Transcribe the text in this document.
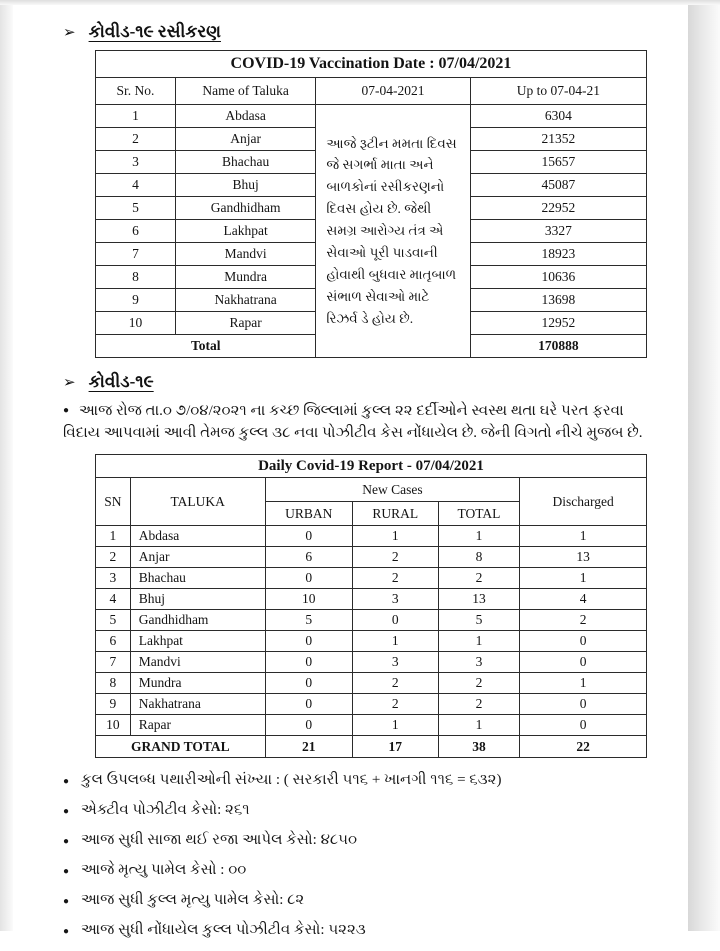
➢ કોવીડ-૧૯ રસીકરણ
COVID-19 Vaccination Date : 07/04/2021			
Sr. No.	Name of Taluka	07-04-2021	Up to 07-04-21
1	Abdasa	આજે રૂટીન મમતા દિવસ જે સગર્ભા માતા અને બાળકોનાં રસીકરણનો દિવસ હોય છે. જેથી સમગ્ર આરોગ્ય તંત્ર એ સેવાઓ પૂરી પાડવાની હોવાથી બુધવાર માતૃબાળ સંભાળ સેવાઓ માટે રિઝર્વ ડે હોય છે.	6304
2	Anjar		21352
3	Bhachau		15657
4	Bhuj		45087
5	Gandhidham		22952
6	Lakhpat		3327
7	Mandvi		18923
8	Mundra		10636
9	Nakhatrana		13698
10	Rapar		12952
Total			170888
➢ કોવીડ-૧૯

● આજ રોજ તા.૦ ૭/૦૪/૨૦૨૧ ના કચ્છ જિલ્લામાં કુલ્લ ૨૨ દર્દીઓને સ્વસ્થ થતા ઘરે પરત ફરવા વિદાય આપવામાં આવી તેમજ કુલ્લ ૩૮ નવા પોઝીટીવ કેસ નોંધાયેલ છે. જેની વિગતો નીચે મુજબ છે.

Daily Covid-19 Report - 07/04/2021					
SN	TALUKA	New Cases			Discharged
		URBAN	RURAL	TOTAL	
1	Abdasa	0	1	1	1
2	Anjar	6	2	8	13
3	Bhachau	0	2	2	1
4	Bhuj	10	3	13	4
5	Gandhidham	5	0	5	2
6	Lakhpat	0	1	1	0
7	Mandvi	0	3	3	0
8	Mundra	0	2	2	1
9	Nakhatrana	0	2	2	0
10	Rapar	0	1	1	0
GRAND TOTAL		21	17	38	22
● કુલ ઉપલબ્ધ પથારીઓની સંખ્યા : ( સરકારી ૫૧૬ + ખાનગી ૧૧૬ = ૬૩૨)
● એક્ટીવ પોઝીટીવ કેસો: ૨૬૧
● આજ સુધી સાજા થઈ રજા આપેલ કેસો: ૪૮૫૦
● આજે મૃત્યુ પામેલ કેસો : ૦૦
● આજ સુધી કુલ્લ મૃત્યુ પામેલ કેસો: ૮૨
● આજ સુધી નોંધાયેલ કુલ્લ પોઝીટીવ કેસો: ૫૨૨૩
